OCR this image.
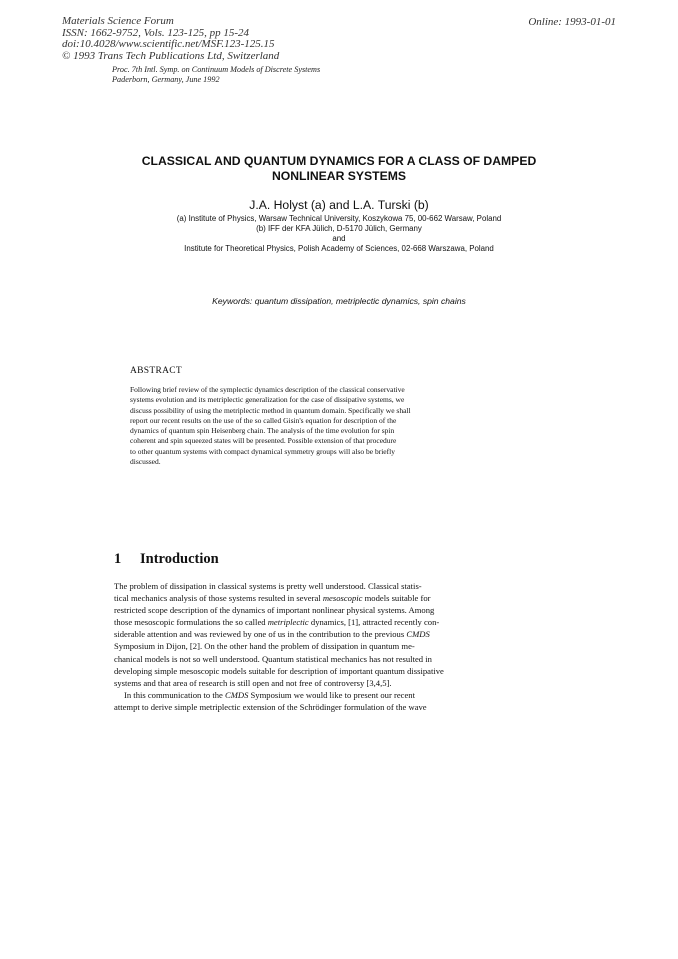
Materials Science Forum
ISSN: 1662-9752, Vols. 123-125, pp 15-24
doi:10.4028/www.scientific.net/MSF.123-125.15
© 1993 Trans Tech Publications Ltd, Switzerland
Online: 1993-01-01
Proc. 7th Intl. Symp. on Continuum Models of Discrete Systems
Paderborn, Germany, June 1992
CLASSICAL AND QUANTUM DYNAMICS FOR A CLASS OF DAMPED
NONLINEAR SYSTEMS
J.A. Holyst (a) and L.A. Turski (b)
(a) Institute of Physics, Warsaw Technical University, Koszykowa 75, 00-662 Warsaw, Poland
(b) IFF der KFA Jülich, D-5170 Jülich, Germany
and
Institute for Theoretical Physics, Polish Academy of Sciences, 02-668 Warszawa, Poland
Keywords: quantum dissipation, metriplectic dynamics, spin chains
ABSTRACT
Following brief review of the symplectic dynamics description of the classical conservative
systems evolution and its metriplectic generalization for the case of dissipative systems, we
discuss possibility of using the metriplectic method in quantum domain. Specifically we shall
report our recent results on the use of the so called Gisin's equation for description of the
dynamics of quantum spin Heisenberg chain. The analysis of the time evolution for spin
coherent and spin squeezed states will be presented. Possible extension of that procedure
to other quantum systems with compact dynamical symmetry groups will also be briefly
discussed.
1 Introduction
The problem of dissipation in classical systems is pretty well understood. Classical statis-
tical mechanics analysis of those systems resulted in several mesoscopic models suitable for
restricted scope description of the dynamics of important nonlinear physical systems. Among
those mesoscopic formulations the so called metriplectic dynamics, [1], attracted recently con-
siderable attention and was reviewed by one of us in the contribution to the previous CMDS
Symposium in Dijon, [2]. On the other hand the problem of dissipation in quantum me-
chanical models is not so well understood. Quantum statistical mechanics has not resulted in
developing simple mesoscopic models suitable for description of important quantum dissipative
systems and that area of research is still open and not free of controversy [3,4,5].
In this communication to the CMDS Symposium we would like to present our recent
attempt to derive simple metriplectic extension of the Schrödinger formulation of the wave
